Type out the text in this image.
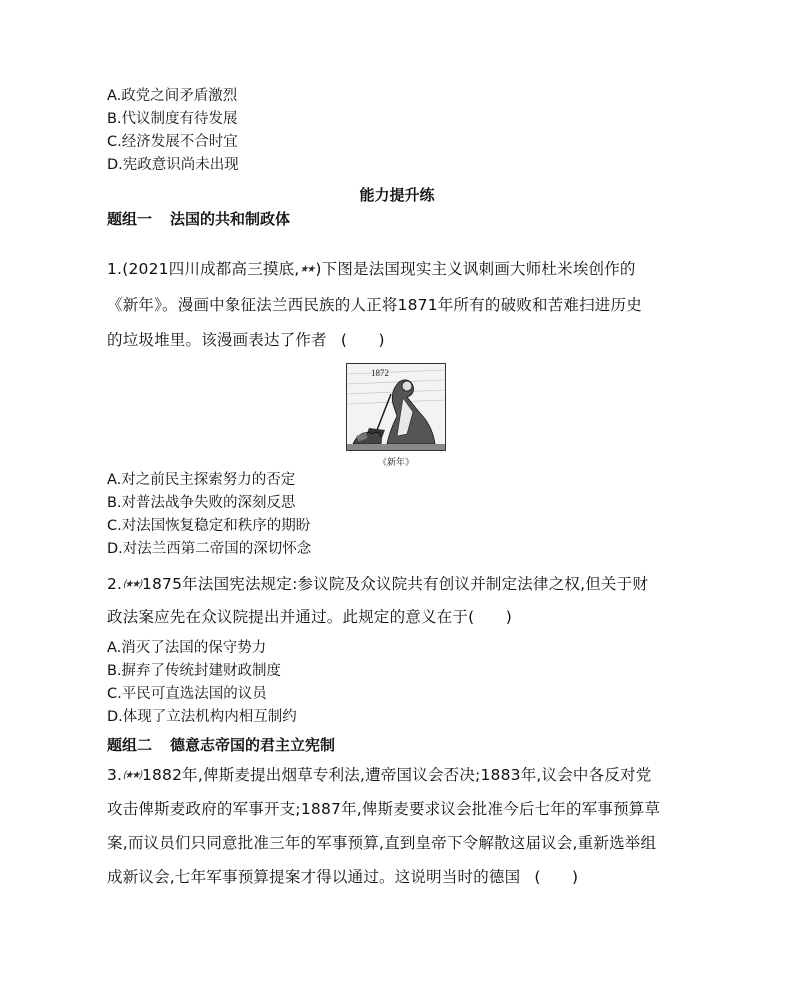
A.政党之间矛盾激烈
B.代议制度有待发展
C.经济发展不合时宜
D.宪政意识尚未出现
能力提升练
题组一 法国的共和制政体
1.(2021四川成都高三摸底,★★)下图是法国现实主义讽刺画大师杜米埃创作的
《新年》。漫画中象征法兰西民族的人正将1871年所有的破败和苦难扫进历史
的垃圾堆里。该漫画表达了作者 (　　)
1872
《新年》
A.对之前民主探索努力的否定
B.对普法战争失败的深刻反思
C.对法国恢复稳定和秩序的期盼
D.对法兰西第二帝国的深切怀念
2.(★★)1875年法国宪法规定:参议院及众议院共有创议并制定法律之权,但关于财
政法案应先在众议院提出并通过。此规定的意义在于(　　)
A.消灭了法国的保守势力
B.摒弃了传统封建财政制度
C.平民可直选法国的议员
D.体现了立法机构内相互制约
题组二 德意志帝国的君主立宪制
3.(★★)1882年,俾斯麦提出烟草专利法,遭帝国议会否决;1883年,议会中各反对党
攻击俾斯麦政府的军事开支;1887年,俾斯麦要求议会批准今后七年的军事预算草
案,而议员们只同意批准三年的军事预算,直到皇帝下令解散这届议会,重新选举组
成新议会,七年军事预算提案才得以通过。这说明当时的德国 (　　)
